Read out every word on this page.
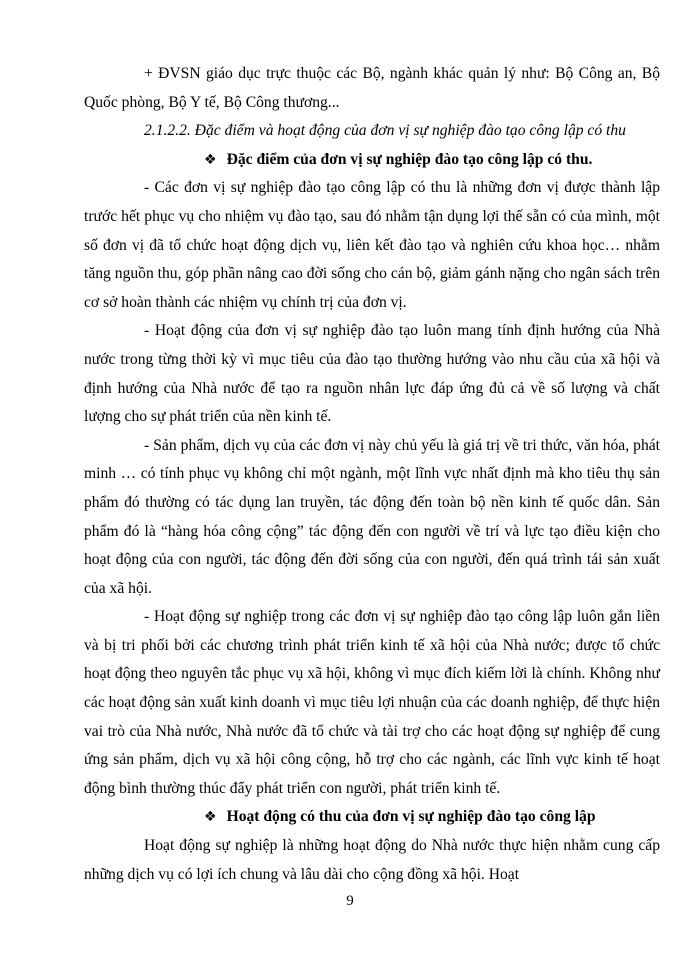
+ ĐVSN giáo dục trực thuộc các Bộ, ngành khác quản lý như: Bộ Công an, Bộ Quốc phòng, Bộ Y tế, Bộ Công thương...

2.1.2.2. Đặc điểm và hoạt động của đơn vị sự nghiệp đào tạo công lập có thu

❖ Đặc điểm của đơn vị sự nghiệp đào tạo công lập có thu.

- Các đơn vị sự nghiệp đào tạo công lập có thu là những đơn vị được thành lập trước hết phục vụ cho nhiệm vụ đào tạo, sau đó nhằm tận dụng lợi thế sẵn có của mình, một số đơn vị đã tổ chức hoạt động dịch vụ, liên kết đào tạo và nghiên cứu khoa học… nhằm tăng nguồn thu, góp phần nâng cao đời sống cho cán bộ, giảm gánh nặng cho ngân sách trên cơ sở hoàn thành các nhiệm vụ chính trị của đơn vị.

- Hoạt động của đơn vị sự nghiệp đào tạo luôn mang tính định hướng của Nhà nước trong từng thời kỳ vì mục tiêu của đào tạo thường hướng vào nhu cầu của xã hội và định hướng của Nhà nước để tạo ra nguồn nhân lực đáp ứng đủ cả về số lượng và chất lượng cho sự phát triển của nền kinh tế.

- Sản phẩm, dịch vụ của các đơn vị này chủ yếu là giá trị về tri thức, văn hóa, phát minh … có tính phục vụ không chỉ một ngành, một lĩnh vực nhất định mà kho tiêu thụ sản phẩm đó thường có tác dụng lan truyền, tác động đến toàn bộ nền kinh tế quốc dân. Sản phẩm đó là “hàng hóa công cộng” tác động đến con người về trí và lực tạo điều kiện cho hoạt động của con người, tác động đến đời sống của con người, đến quá trình tái sản xuất của xã hội.

- Hoạt động sự nghiệp trong các đơn vị sự nghiệp đào tạo công lập luôn gắn liền và bị tri phối bởi các chương trình phát triển kinh tế xã hội của Nhà nước; được tổ chức hoạt động theo nguyên tắc phục vụ xã hội, không vì mục đích kiếm lời là chính. Không như các hoạt động sản xuất kinh doanh vì mục tiêu lợi nhuận của các doanh nghiệp, để thực hiện vai trò của Nhà nước, Nhà nước đã tổ chức và tài trợ cho các hoạt động sự nghiệp để cung ứng sản phẩm, dịch vụ xã hội công cộng, hỗ trợ cho các ngành, các lĩnh vực kinh tế hoạt động bình thường thúc đẩy phát triển con người, phát triển kinh tế.

❖ Hoạt động có thu của đơn vị sự nghiệp đào tạo công lập

Hoạt động sự nghiệp là những hoạt động do Nhà nước thực hiện nhằm cung cấp những dịch vụ có lợi ích chung và lâu dài cho cộng đồng xã hội. Hoạt

9
